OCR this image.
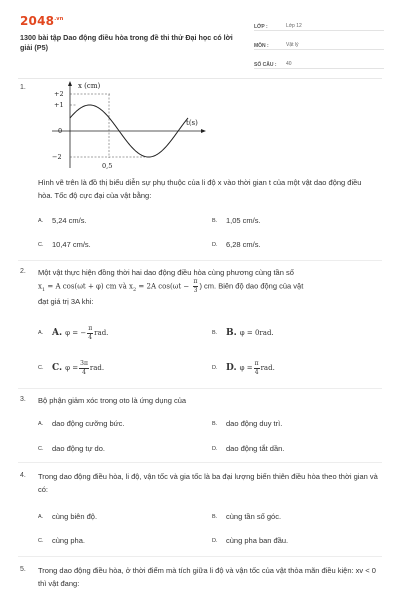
$2048^{.vn}$
1300 bài tập Dao động điều hòa trong đề thi thử Đại học có lời giải (P5)
LỚP :	Lớp 12
MÔN :	Vật lý
SỐ CÂU :	40
1.	x (cm)
t(s)
+2
+1
0
−2
0,5
Hình vẽ trên là đồ thị biểu diễn sự phụ thuộc của li độ x vào thời gian t của một vật dao động điều hòa. Tốc độ cực đại của vật bằng:
A.	5,24 cm/s.	B.	1,05 cm/s.
C.	10,47 cm/s.	D.	6,28 cm/s.
2. Một vật thực hiện đồng thời hai dao động điều hòa cùng phương cùng tần số
$x_1 = A$ cos(ωt + φ) cm và $x_2 = 2A$ $\cos(\omega t - \frac{\pi}{3}$ ) cm. Biên độ dao động của vật
đạt giá trị 3A khi:
A. A. φ = − $\frac{\pi}{4}$ rad.	B. B. φ = 0rad.
C. C. $\varphi = \frac{3\pi}{4}$ rad.	D. D. $\varphi = \frac{\pi}{4}$ rad.
3. Bộ phận giảm xóc trong oto là ứng dụng của
A.	dao động cưỡng bức.	B.	dao động duy trì.
C.	dao động tự do.	D.	dao động tắt dần.
4. Trong dao động điều hòa, li độ, vận tốc và gia tốc là ba đại lượng biến thiên điều hòa theo thời gian và có:
A.	cùng biên độ.	B.	cùng tần số góc.
C.	cùng pha.	D.	cùng pha ban đầu.
5. Trong dao động điều hòa, ở thời điểm mà tích giữa li độ và vận tốc của vật thỏa mãn điều kiện: xv < 0 thì vật đang:
